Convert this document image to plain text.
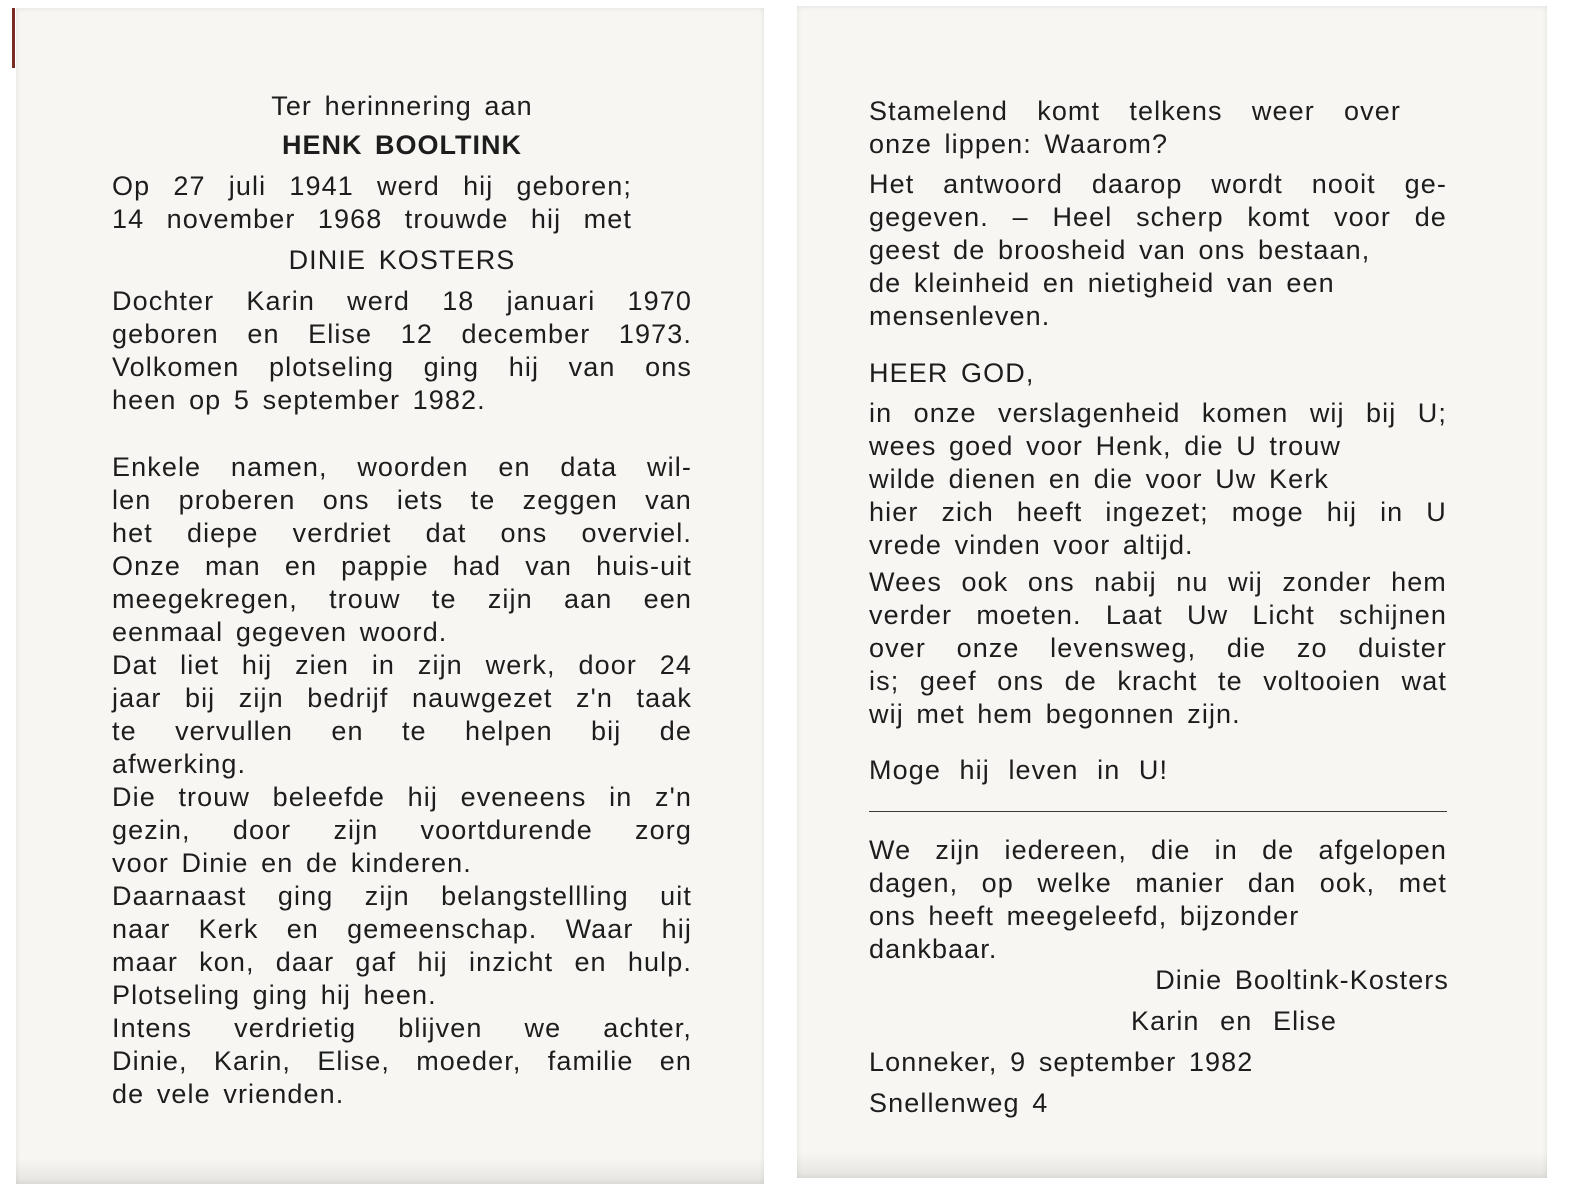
Ter herinnering aan
HENK BOOLTINK
Op 27 juli 1941 werd hij geboren;
14 november 1968 trouwde hij met
DINIE KOSTERS
Dochter Karin werd 18 januari 1970
geboren en Elise 12 december 1973.
Volkomen plotseling ging hij van ons
heen op 5 september 1982.
Enkele namen, woorden en data wil-
len proberen ons iets te zeggen van
het diepe verdriet dat ons overviel.
Onze man en pappie had van huis-uit
meegekregen, trouw te zijn aan een
eenmaal gegeven woord.
Dat liet hij zien in zijn werk, door 24
jaar bij zijn bedrijf nauwgezet z'n taak
te vervullen en te helpen bij de
afwerking.
Die trouw beleefde hij eveneens in z'n
gezin, door zijn voortdurende zorg
voor Dinie en de kinderen.
Daarnaast ging zijn belangstellling uit
naar Kerk en gemeenschap. Waar hij
maar kon, daar gaf hij inzicht en hulp.
Plotseling ging hij heen.
Intens verdrietig blijven we achter,
Dinie, Karin, Elise, moeder, familie en
de vele vrienden.
Stamelend komt telkens weer over
onze lippen: Waarom?
Het antwoord daarop wordt nooit ge-
gegeven. – Heel scherp komt voor de
geest de broosheid van ons bestaan,
de kleinheid en nietigheid van een
mensenleven.
HEER GOD,
in onze verslagenheid komen wij bij U;
wees goed voor Henk, die U trouw
wilde dienen en die voor Uw Kerk
hier zich heeft ingezet; moge hij in U
vrede vinden voor altijd.
Wees ook ons nabij nu wij zonder hem
verder moeten. Laat Uw Licht schijnen
over onze levensweg, die zo duister
is; geef ons de kracht te voltooien wat
wij met hem begonnen zijn.
Moge hij leven in U!
We zijn iedereen, die in de afgelopen
dagen, op welke manier dan ook, met
ons heeft meegeleefd, bijzonder
dankbaar.
Dinie Booltink-Kosters
Karin en Elise
Lonneker, 9 september 1982
Snellenweg 4
